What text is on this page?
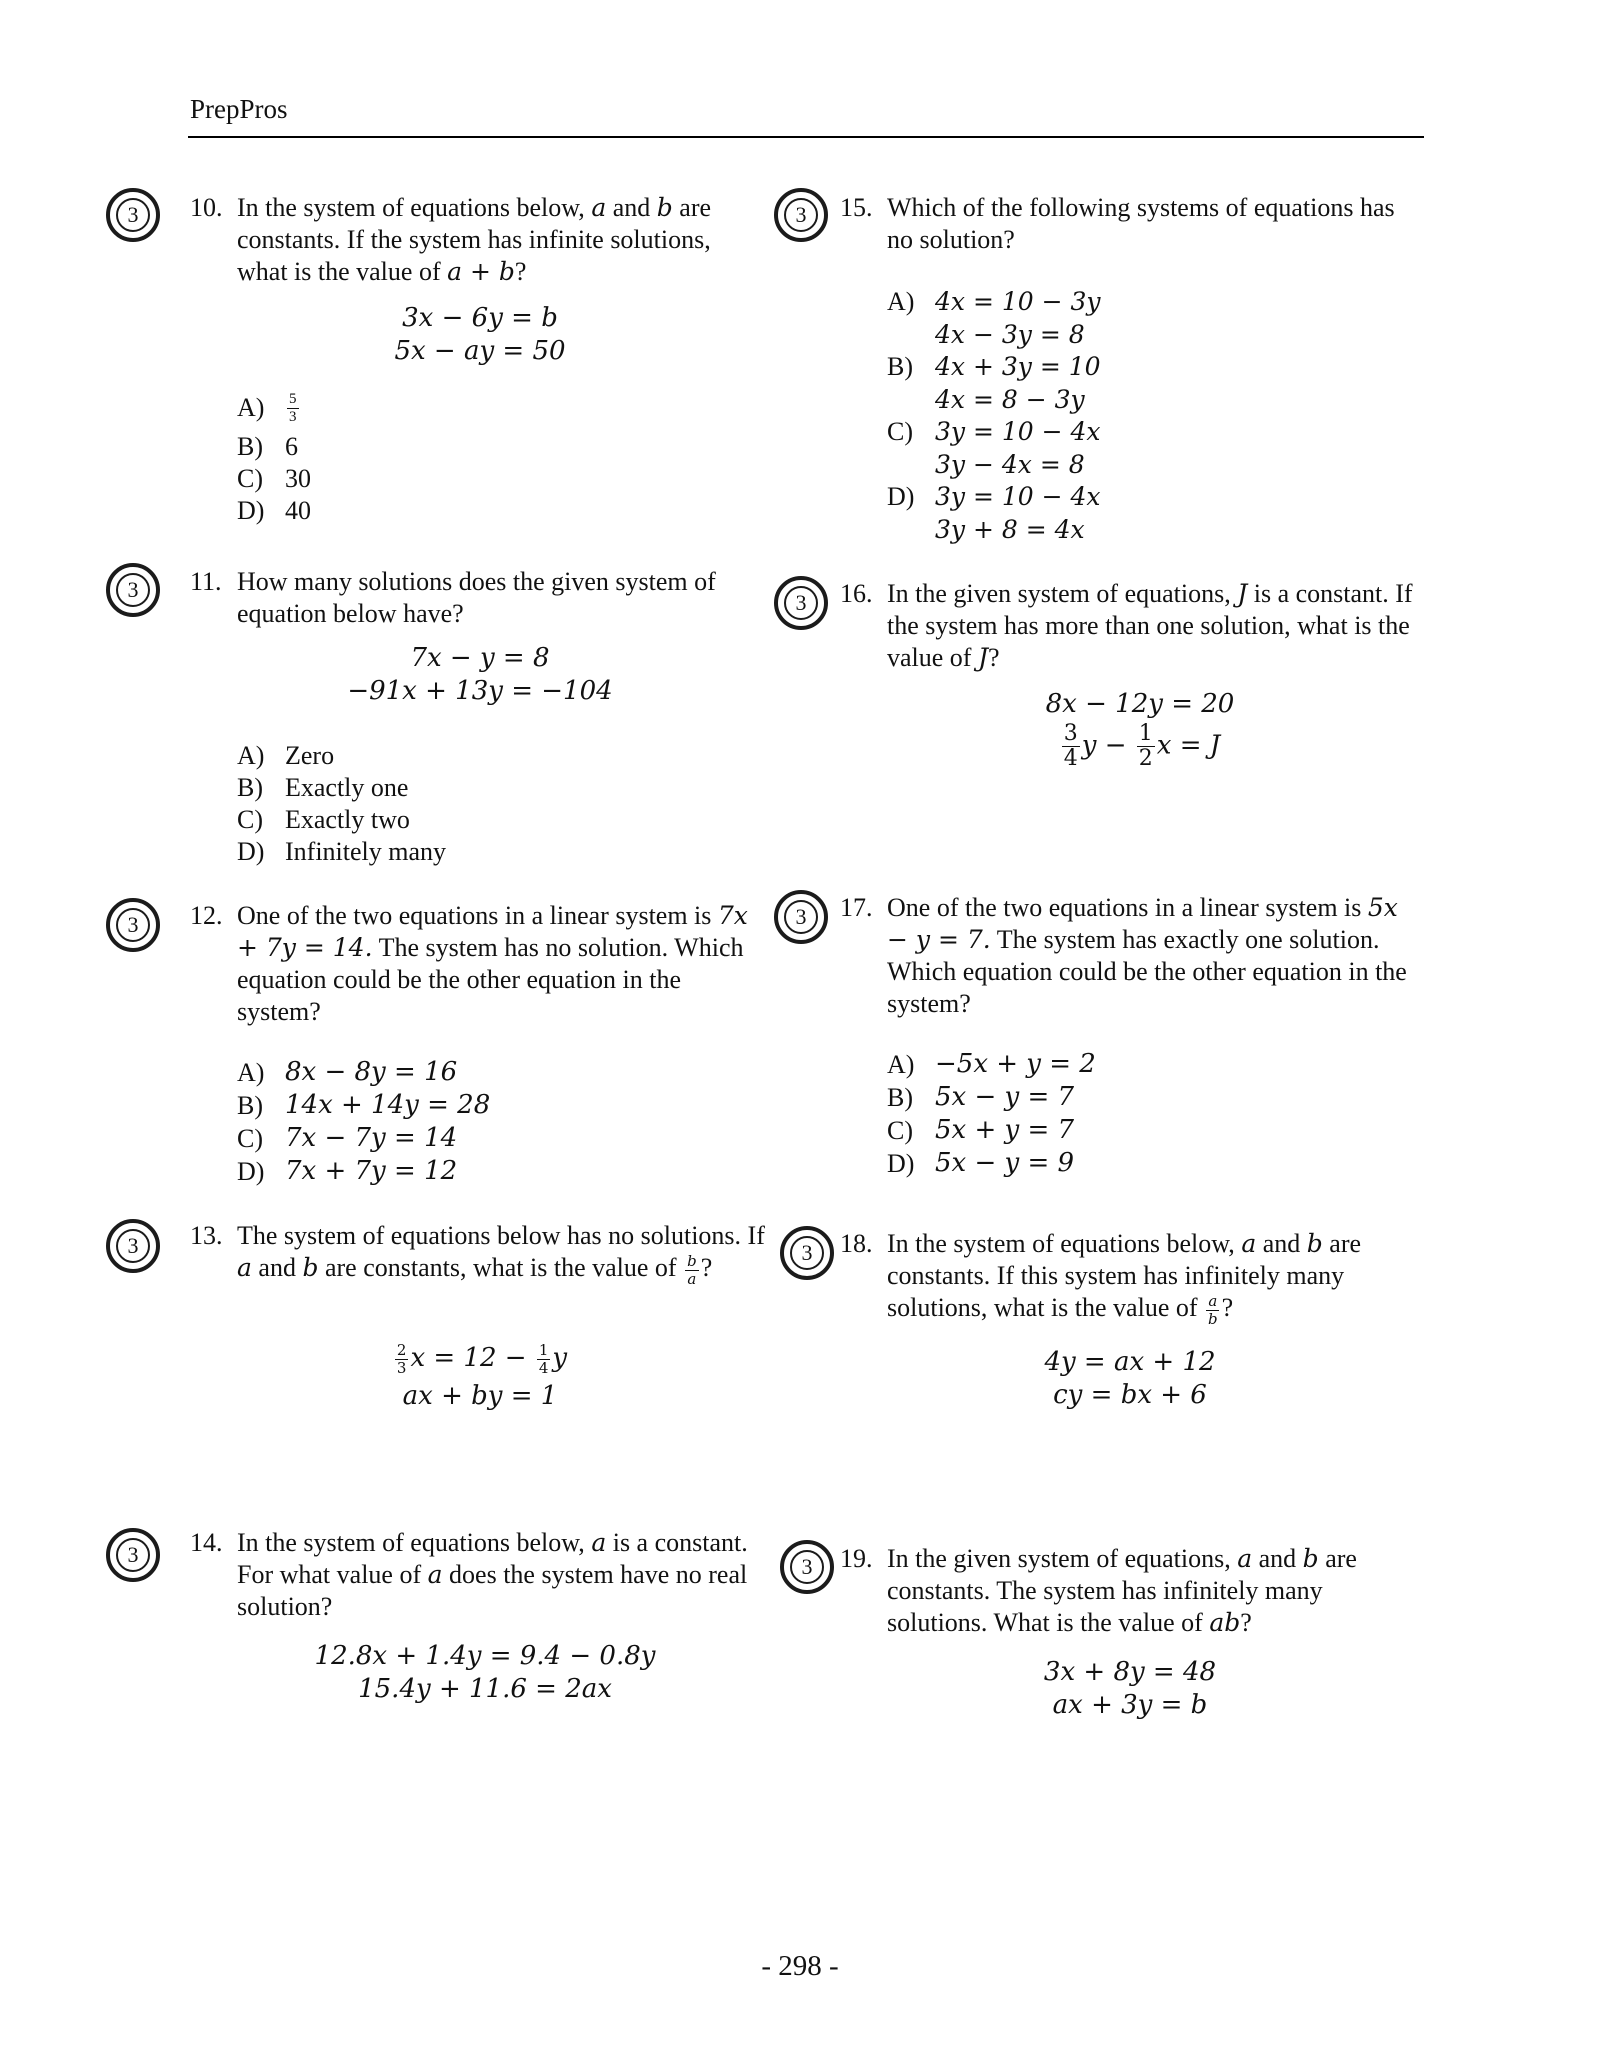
PrepPros
3
3
3
3
3
3
3
3
3
3
10. In the system of equations below, a and b are constants. If the system has infinite solutions, what is the value of a + b?
3x − 6y = b
5x − ay = 50
A)	$\frac{5}{3}$
B) 6
C) 30
D) 40
11. How many solutions does the given system of equation below have?
7x − y = 8
−91x + 13y = −104
A) Zero
B) Exactly one
C) Exactly two
D) Infinitely many
12. One of the two equations in a linear system is 7x + 7y = 14. The system has no solution. Which equation could be the other equation in the system?
A) 8x − 8y = 16
B) 14x + 14y = 28
C) 7x − 7y = 14
D) 7x + 7y = 12
13. The system of equations below has no solutions. If a and b are constants, what is the value of $\frac{b}{a}$ ?
$\frac{2}{3}$ $x = 12 - \frac{1}{4}$ y
ax + by = 1
14. In the system of equations below, a is a constant. For what value of a does the system have no real solution?
12.8x + 1.4y = 9.4 − 0.8y
15.4y + 11.6 = 2ax
15. Which of the following systems of equations has no solution?
A) 4x = 10 − 3y
4x − 3y = 8
B) 4x + 3y = 10
4x = 8 − 3y
C) 3y = 10 − 4x
3y − 4x = 8
D) 3y = 10 − 4x
3y + 8 = 4x
16. In the given system of equations, J is a constant. If the system has more than one solution, what is the value of J?
8x − 12y = 20
$\frac{3}{4}$ $y - \frac{1}{2}$ x = J
17. One of the two equations in a linear system is 5x − y = 7. The system has exactly one solution. Which equation could be the other equation in the system?
A) −5x + y = 2
B) 5x − y = 7
C) 5x + y = 7
D) 5x − y = 9
18. In the system of equations below, a and b are constants. If this system has infinitely many solutions, what is the value of $\frac{a}{b}$ ?
4y = ax + 12
cy = bx + 6
19. In the given system of equations, a and b are constants. The system has infinitely many solutions. What is the value of ab?
3x + 8y = 48
ax + 3y = b
- 298 -
